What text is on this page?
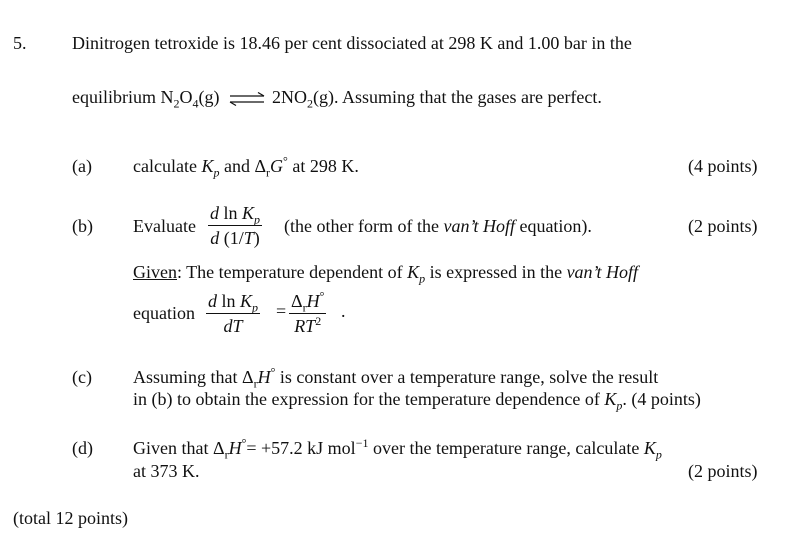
5.	Dinitrogen tetroxide is 18.46 per cent dissociated at 298 K and 1.00 bar in the
equilibrium $N_2O_4(g)$ ⇌ $2NO_2(g)$. Assuming that the gases are perfect.
(a) calculate $K_p$ and $\Delta_rG^\circ$ at 298 K.	(4 points)
(b) Evaluate $\frac{d \ln K_p}{d (1/T)} (the$ other form of the van’t Hoff equation).	(2 points)
Given: The temperature dependent of $K_p$ is expressed in the van’t Hoff
equation $\frac{d \ln K_p}{dT} = \Delta_rH^\circ$
$RT^2$ .
(c) Assuming that $\Delta_rH^\circ$ is constant over a temperature range, solve the result
in (b) to obtain the expression for the temperature dependence of $K_p$. (4 points)
(d) Given that $\Delta_rH^\circ= +57.2$ kJ mol$^{-1}$ over the temperature range, calculate $K_p$
at 373 K.	(2 points)
(total 12 points)
